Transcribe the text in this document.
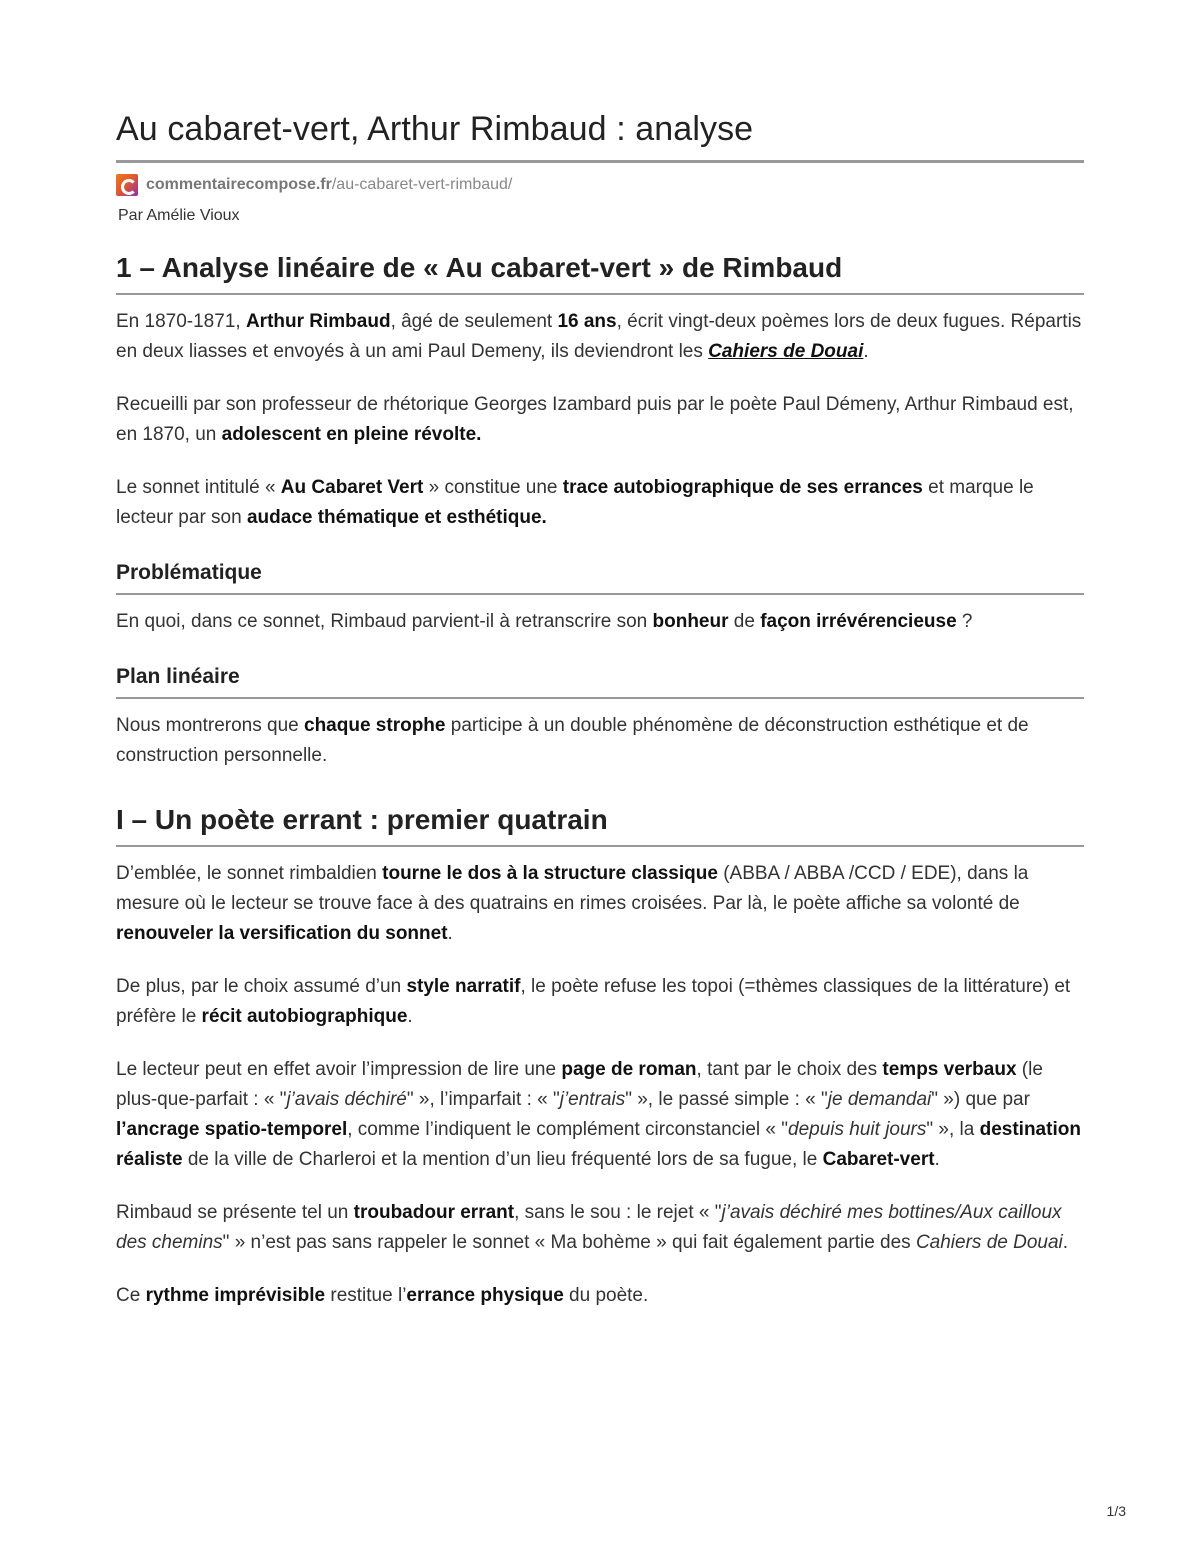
Au cabaret-vert, Arthur Rimbaud : analyse
commentairecompose.fr /au-cabaret-vert-rimbaud/
Par Amélie Vioux
1 – Analyse linéaire de « Au cabaret-vert » de Rimbaud

En 1870-1871, Arthur Rimbaud, âgé de seulement 16 ans, écrit vingt-deux poèmes lors de deux fugues. Répartis en deux liasses et envoyés à un ami Paul Demeny, ils deviendront les Cahiers de Douai.

Recueilli par son professeur de rhétorique Georges Izambard puis par le poète Paul Démeny, Arthur Rimbaud est, en 1870, un adolescent en pleine révolte.

Le sonnet intitulé « Au Cabaret Vert » constitue une trace autobiographique de ses errances et marque le lecteur par son audace thématique et esthétique.

Problématique

En quoi, dans ce sonnet, Rimbaud parvient-il à retranscrire son bonheur de façon irrévérencieuse ?

Plan linéaire

Nous montrerons que chaque strophe participe à un double phénomène de déconstruction esthétique et de construction personnelle.

I – Un poète errant : premier quatrain

D’emblée, le sonnet rimbaldien tourne le dos à la structure classique (ABBA / ABBA /CCD / EDE), dans la mesure où le lecteur se trouve face à des quatrains en rimes croisées. Par là, le poète affiche sa volonté de renouveler la versification du sonnet.

De plus, par le choix assumé d’un style narratif, le poète refuse les topoi (=thèmes classiques de la littérature) et préfère le récit autobiographique.

Le lecteur peut en effet avoir l’impression de lire une page de roman, tant par le choix des temps verbaux (le plus-que-parfait : « "j’avais déchiré" », l’imparfait : « "j’entrais" », le passé simple : « "je demandai" ») que par l’ancrage spatio-temporel, comme l’indiquent le complément circonstanciel « "depuis huit jours" », la destination réaliste de la ville de Charleroi et la mention d’un lieu fréquenté lors de sa fugue, le Cabaret-vert.

Rimbaud se présente tel un troubadour errant, sans le sou : le rejet « "j’avais déchiré mes bottines/Aux cailloux des chemins" » n’est pas sans rappeler le sonnet « Ma bohème » qui fait également partie des Cahiers de Douai.

Ce rythme imprévisible restitue l’errance physique du poète.

1/3
